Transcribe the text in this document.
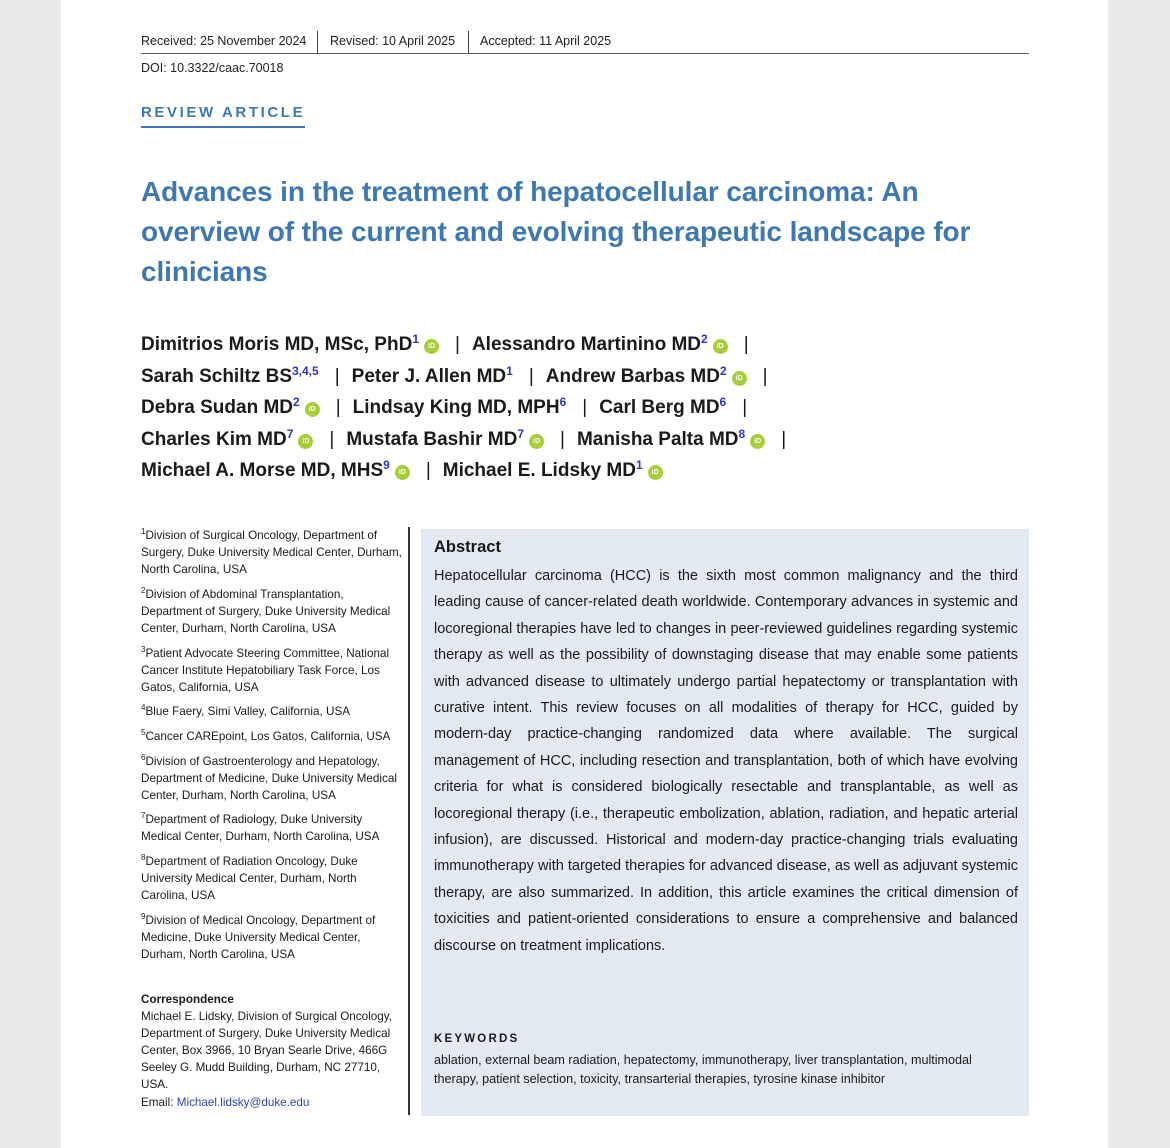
Received: 25 November 2024 Revised: 10 April 2025 Accepted: 11 April 2025
DOI: 10.3322/caac.70018
REVIEW ARTICLE
Advances in the treatment of hepatocellular carcinoma: An overview of the current and evolving therapeutic landscape for clinicians
Dimitrios Moris MD, MSc, PhD$^1$iD | Alessandro Martinino $MD^2iD$ |
Sarah Schiltz BS$^{3,4,5}$ | Peter J. Allen $MD^1$ | Andrew Barbas $MD^2iD$ |
Debra Sudan $MD^2iD$ | Lindsay King MD, MPH$^6$ | Carl Berg $MD^6$ |
Charles Kim $MD^7iD$ | Mustafa Bashir $MD^7iD$ | Manisha Palta $MD^8iD$ |
Michael A. Morse MD, MHS$^9$iD | Michael E. Lidsky $MD^1iD$
$^1$Division of Surgical Oncology, Department of Surgery, Duke University Medical Center, Durham, North Carolina, USA
$^2$Division of Abdominal Transplantation, Department of Surgery, Duke University Medical Center, Durham, North Carolina, USA
$^3$Patient Advocate Steering Committee, National Cancer Institute Hepatobiliary Task Force, Los Gatos, California, USA
$^4$Blue Faery, Simi Valley, California, USA
$^5$Cancer CAREpoint, Los Gatos, California, USA
$^6$Division of Gastroenterology and Hepatology, Department of Medicine, Duke University Medical Center, Durham, North Carolina, USA
$^7$Department of Radiology, Duke University Medical Center, Durham, North Carolina, USA
$^8$Department of Radiation Oncology, Duke University Medical Center, Durham, North Carolina, USA
$^9$Division of Medical Oncology, Department of Medicine, Duke University Medical Center, Durham, North Carolina, USA
Correspondence
Michael E. Lidsky, Division of Surgical Oncology, Department of Surgery, Duke University Medical Center, Box 3966, 10 Bryan Searle Drive, 466G Seeley G. Mudd Building, Durham, NC 27710, USA.
Email: Michael.lidsky@duke.edu
Abstract

Hepatocellular carcinoma (HCC) is the sixth most common malignancy and the third leading cause of cancer-related death worldwide. Contemporary advances in systemic and locoregional therapies have led to changes in peer-reviewed guidelines regarding systemic therapy as well as the possibility of downstaging disease that may enable some patients with advanced disease to ultimately undergo partial hepatectomy or transplantation with curative intent. This review focuses on all modalities of therapy for HCC, guided by modern-day practice-changing randomized data where available. The surgical management of HCC, including resection and transplantation, both of which have evolving criteria for what is considered biologically resectable and transplantable, as well as locoregional therapy (i.e., therapeutic embolization, ablation, radiation, and hepatic arterial infusion), are discussed. Historical and modern-day practice-changing trials evaluating immunotherapy with targeted therapies for advanced disease, as well as adjuvant systemic therapy, are also summarized. In addition, this article examines the critical dimension of toxicities and patient-oriented considerations to ensure a comprehensive and balanced discourse on treatment implications.

KEYWORDS
ablation, external beam radiation, hepatectomy, immunotherapy, liver transplantation, multimodal therapy, patient selection, toxicity, transarterial therapies, tyrosine kinase inhibitor
